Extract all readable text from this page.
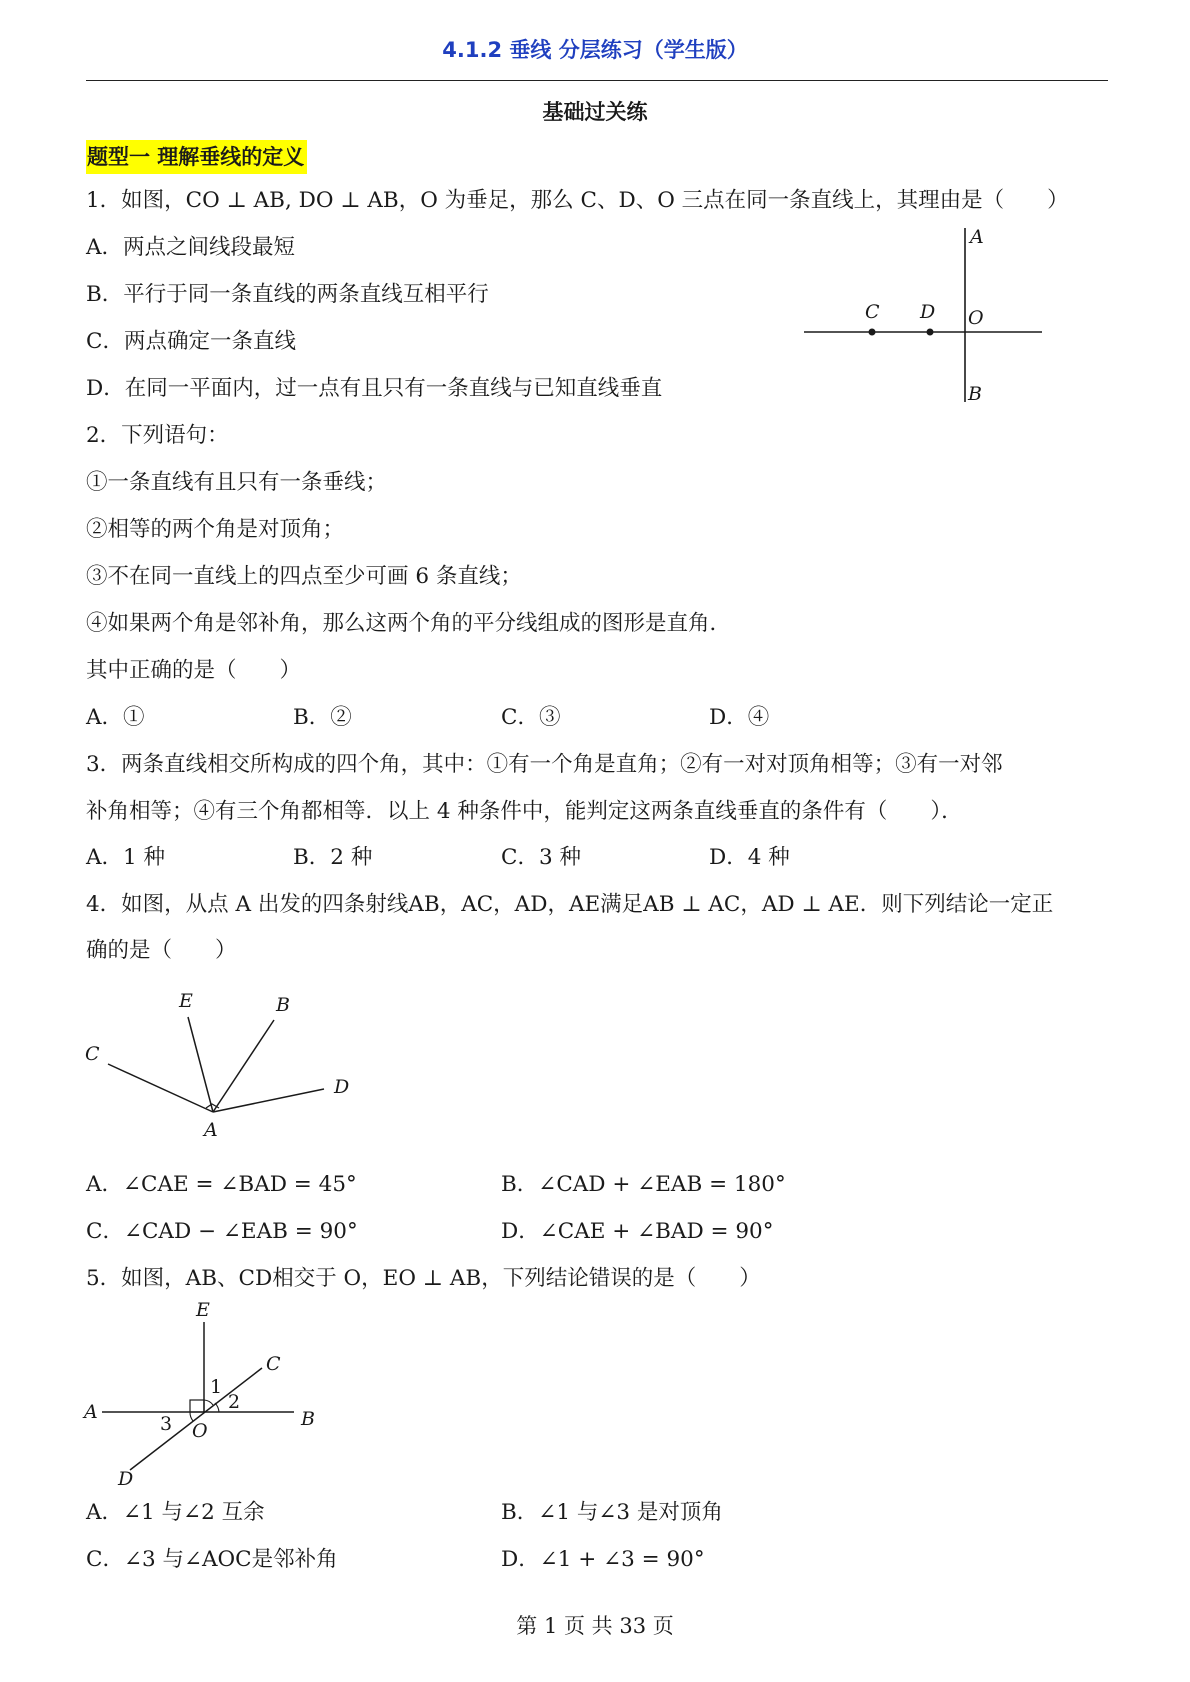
4.1.2 垂线 分层练习（学生版）
基础过关练
题型一 理解垂线的定义
1．如图，CO ⊥ AB, DO ⊥ AB，O 为垂足，那么 C、D、O 三点在同一条直线上，其理由是（　　）
A．两点之间线段最短
B．平行于同一条直线的两条直线互相平行
C．两点确定一条直线
D．在同一平面内，过一点有且只有一条直线与已知直线垂直
A
C D O
B
2．下列语句：
①一条直线有且只有一条垂线；
②相等的两个角是对顶角；
③不在同一直线上的四点至少可画 6 条直线；
④如果两个角是邻补角，那么这两个角的平分线组成的图形是直角．
其中正确的是（　　）
A．①	B．②	C．③	D．④
3．两条直线相交所构成的四个角，其中：①有一个角是直角；②有一对对顶角相等；③有一对邻
补角相等；④有三个角都相等．以上 4 种条件中，能判定这两条直线垂直的条件有（　　）．
A．1 种	B．2 种	C．3 种	D．4 种
4．如图，从点 A 出发的四条射线AB，AC，AD，AE满足AB ⊥ AC，AD ⊥ AE．则下列结论一定正
确的是（　　）
E	B
C
D
A
A．∠CAE = ∠BAD = 45°	B．∠CAD + ∠EAB = 180°
C．∠CAD − ∠EAB = 90°	D．∠CAE + ∠BAD = 90°
5．如图，AB、CD相交于 O，EO ⊥ AB，下列结论错误的是（　　）
E
C
A	B
O
D
1
2
3
A．∠1 与∠2 互余	B．∠1 与∠3 是对顶角
C．∠3 与∠AOC是邻补角	D．∠1 + ∠3 = 90°
第 1 页 共 33 页
